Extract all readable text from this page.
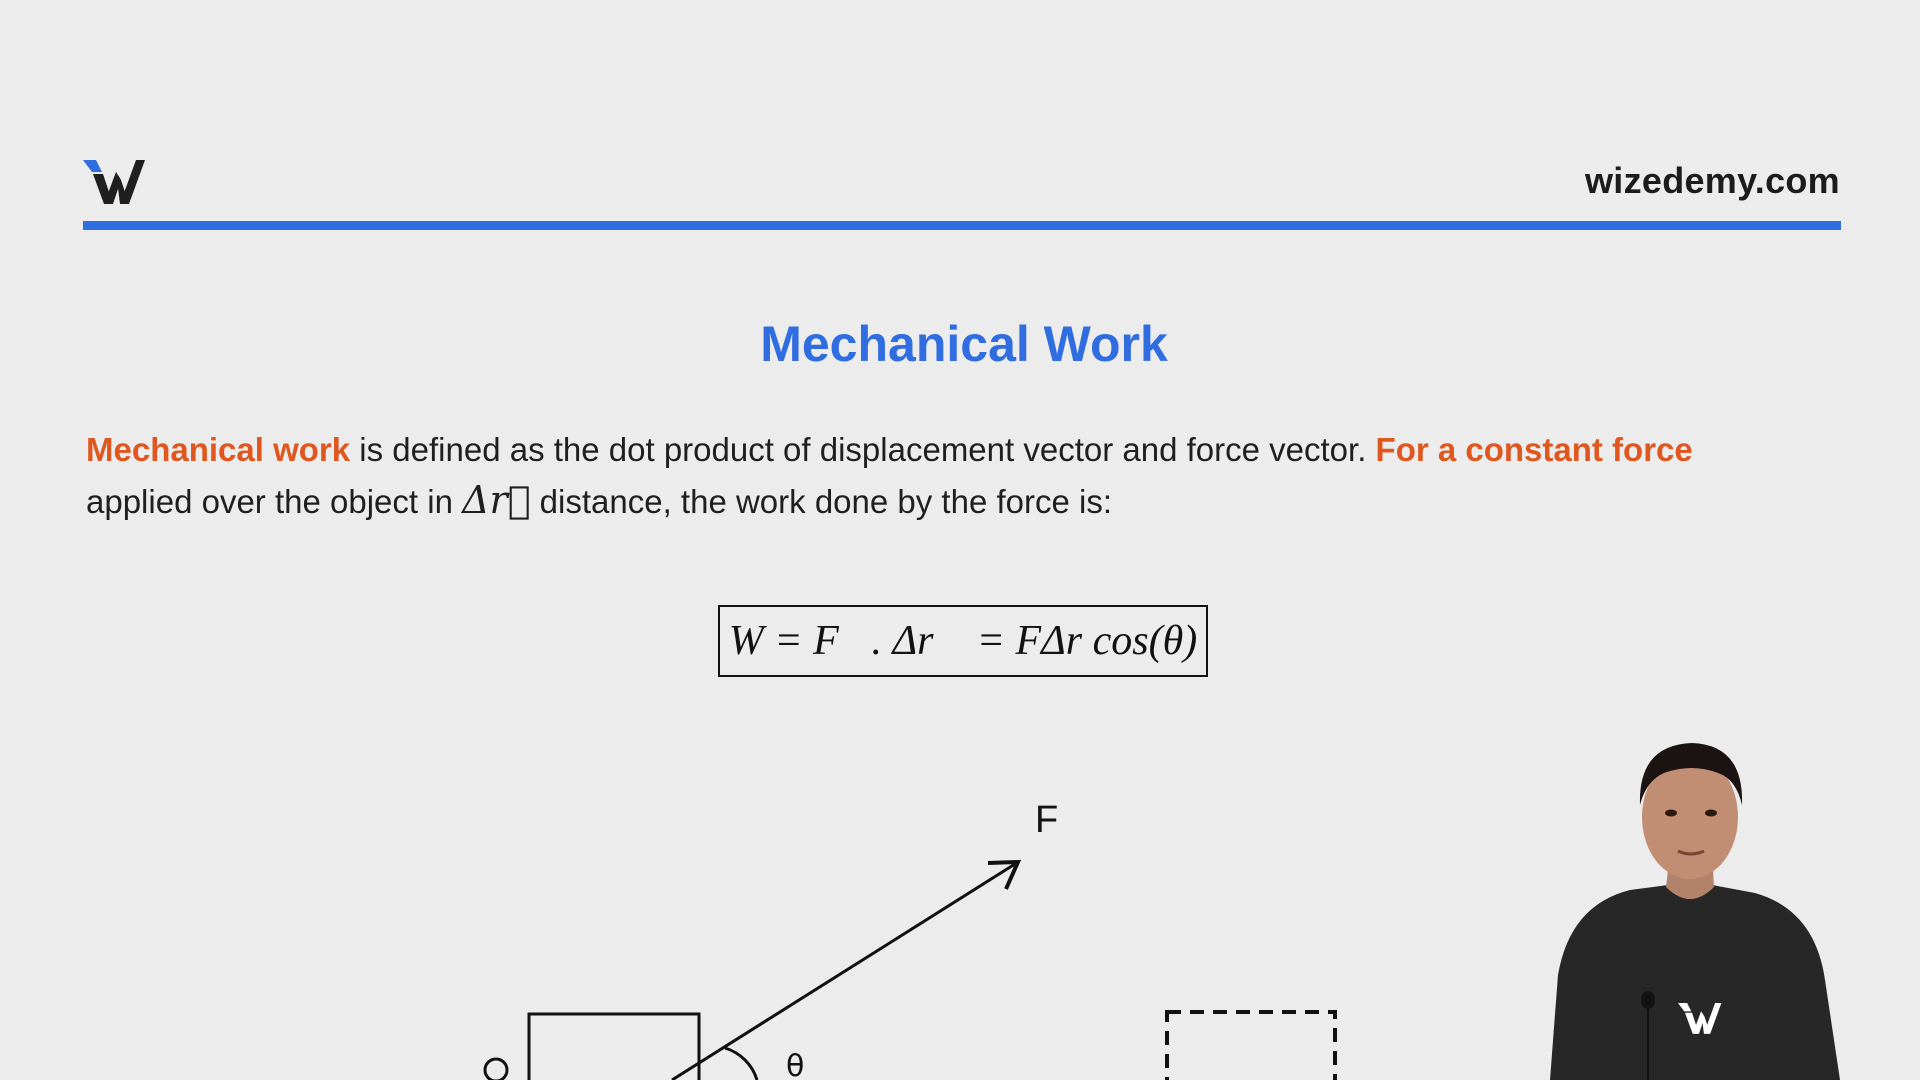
wizedemy.com
Mechanical Work
Mechanical work is defined as the dot product of displacement vector and force vector. For a constant force applied over the object in Δr⃗ distance, the work done by the force is:
W = F⃗. Δr⃗ = FΔr cos(θ)
F
θ
